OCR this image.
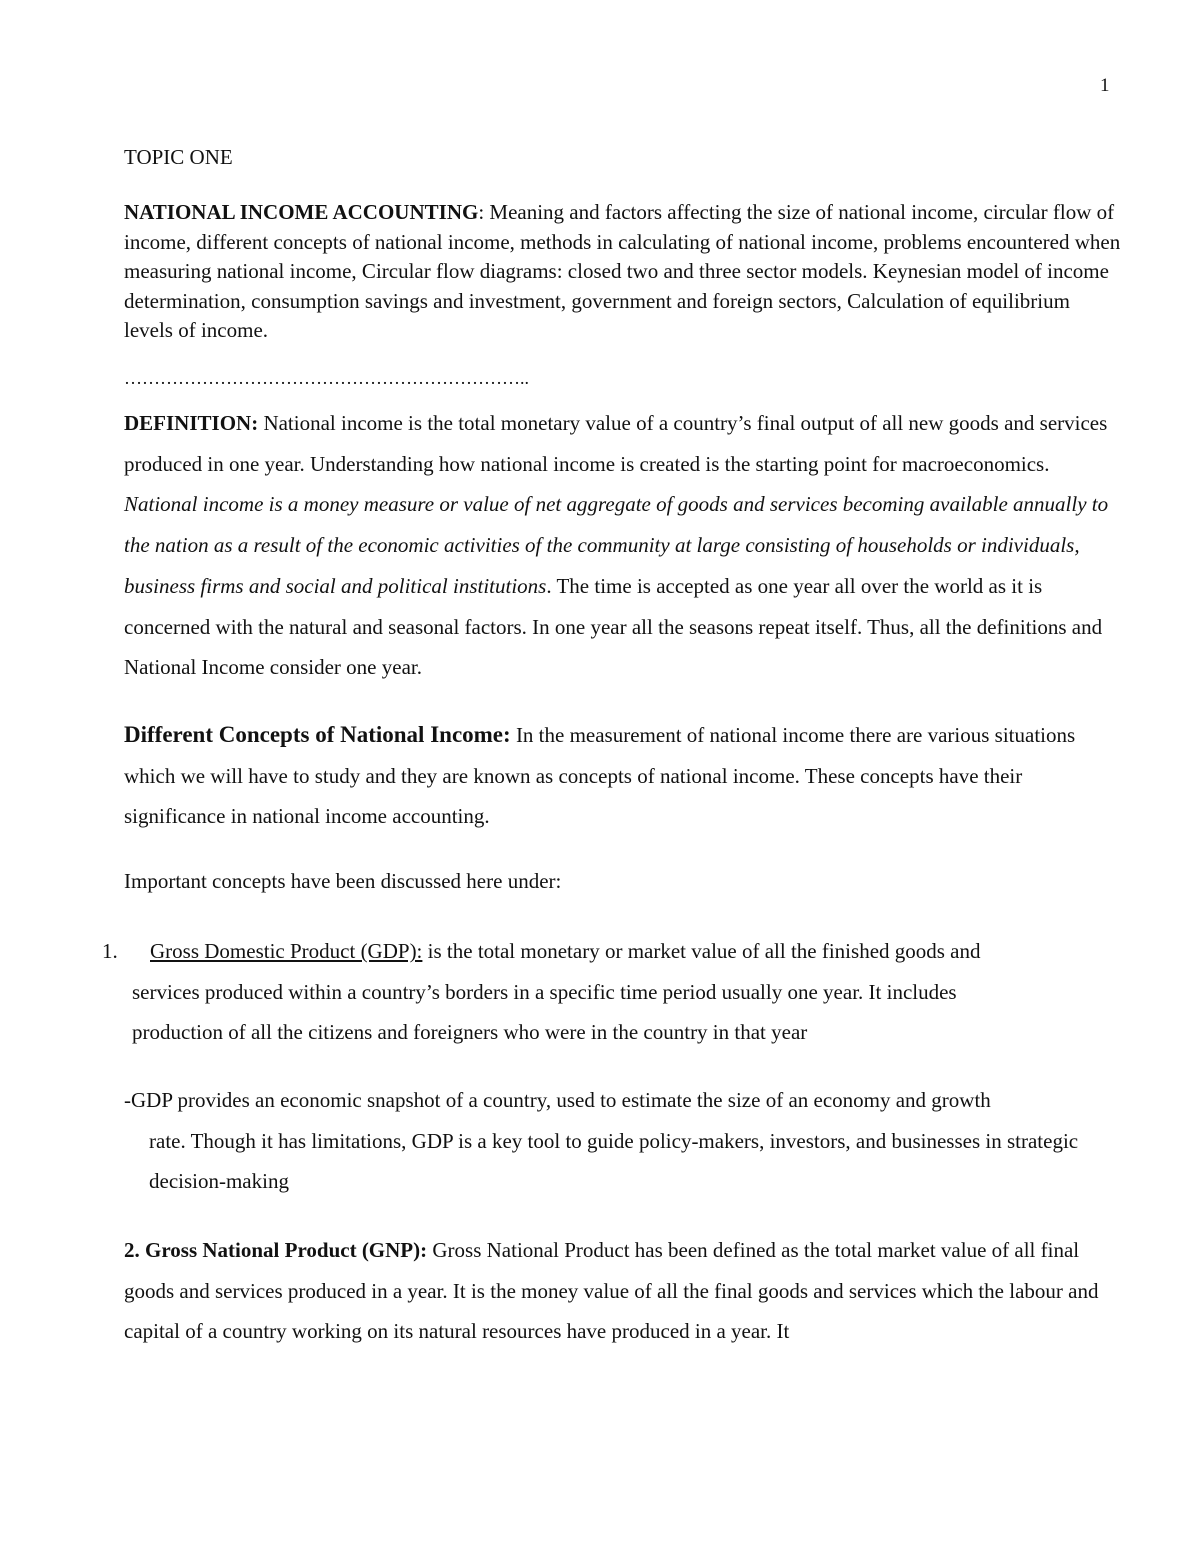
1
TOPIC ONE
NATIONAL INCOME ACCOUNTING: Meaning and factors affecting the size of national income, circular flow of income, different concepts of national income, methods in calculating of national income, problems encountered when measuring national income, Circular flow diagrams: closed two and three sector models. Keynesian model of income determination, consumption savings and investment, government and foreign sectors, Calculation of equilibrium levels of income.
…………………………………………………………..
DEFINITION: National income is the total monetary value of a country’s final output of all new goods and services produced in one year. Understanding how national income is created is the starting point for macroeconomics. National income is a money measure or value of net aggregate of goods and services becoming available annually to the nation as a result of the economic activities of the community at large consisting of households or individuals, business firms and social and political institutions. The time is accepted as one year all over the world as it is concerned with the natural and seasonal factors. In one year all the seasons repeat itself. Thus, all the definitions and National Income consider one year.
Different Concepts of National Income: In the measurement of national income there are various situations which we will have to study and they are known as concepts of national income. These concepts have their significance in national income accounting.
Important concepts have been discussed here under:
1.	Gross Domestic Product (GDP): is the total monetary or market value of all the finished goods and
services produced within a country’s borders in a specific time period usually one year. It includes
production of all the citizens and foreigners who were in the country in that year
-GDP provides an economic snapshot of a country, used to estimate the size of an economy and growth
rate. Though it has limitations, GDP is a key tool to guide policy-makers, investors, and businesses in strategic decision-making
2. Gross National Product (GNP): Gross National Product has been defined as the total market value of all final goods and services produced in a year. It is the money value of all the final goods and services which the labour and capital of a country working on its natural resources have produced in a year. It
